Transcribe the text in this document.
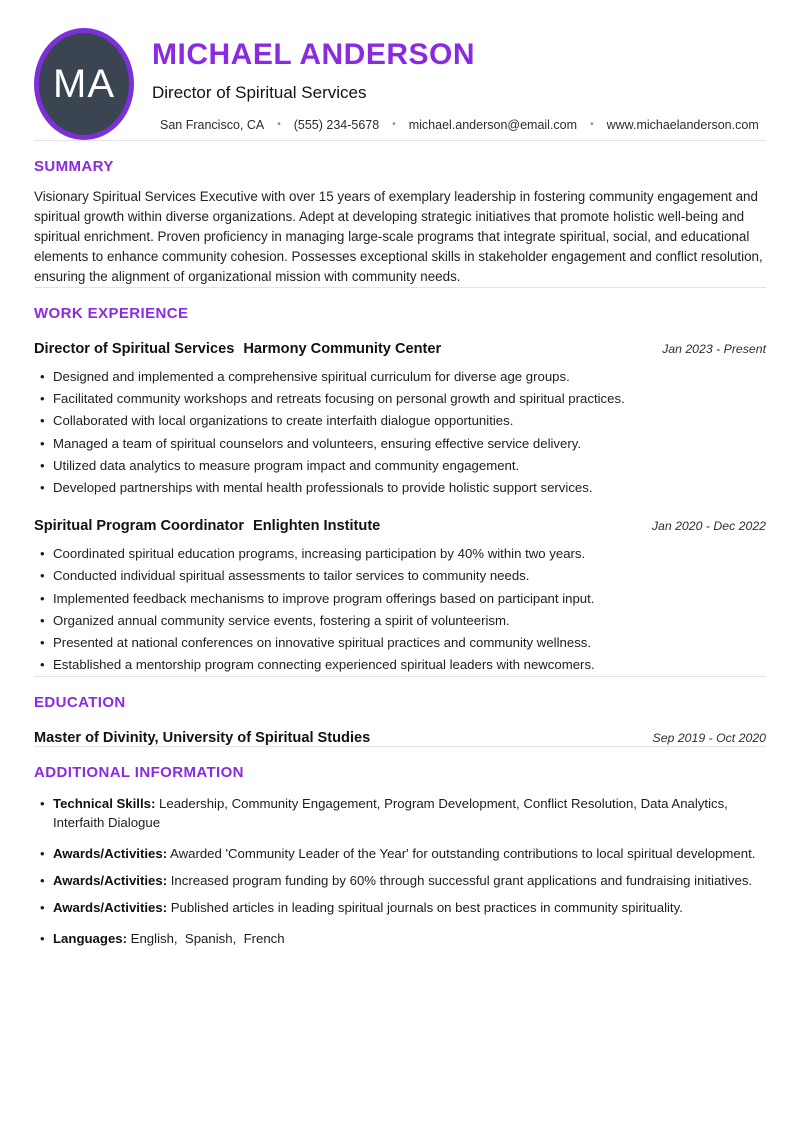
MA
MICHAEL ANDERSON
Director of Spiritual Services
San Francisco, CA • (555) 234-5678 • michael.anderson@email.com • www.michaelanderson.com
SUMMARY
Visionary Spiritual Services Executive with over 15 years of exemplary leadership in fostering community engagement and spiritual growth within diverse organizations. Adept at developing strategic initiatives that promote holistic well-being and spiritual enrichment. Proven proficiency in managing large-scale programs that integrate spiritual, social, and educational elements to enhance community cohesion. Possesses exceptional skills in stakeholder engagement and conflict resolution, ensuring the alignment of organizational mission with community needs.
WORK EXPERIENCE
Director of Spiritual Services Harmony Community Center	Jan 2023 - Present
• Designed and implemented a comprehensive spiritual curriculum for diverse age groups.
• Facilitated community workshops and retreats focusing on personal growth and spiritual practices.
• Collaborated with local organizations to create interfaith dialogue opportunities.
• Managed a team of spiritual counselors and volunteers, ensuring effective service delivery.
• Utilized data analytics to measure program impact and community engagement.
• Developed partnerships with mental health professionals to provide holistic support services.
Spiritual Program Coordinator Enlighten Institute	Jan 2020 - Dec 2022
• Coordinated spiritual education programs, increasing participation by 40% within two years.
• Conducted individual spiritual assessments to tailor services to community needs.
• Implemented feedback mechanisms to improve program offerings based on participant input.
• Organized annual community service events, fostering a spirit of volunteerism.
• Presented at national conferences on innovative spiritual practices and community wellness.
• Established a mentorship program connecting experienced spiritual leaders with newcomers.
EDUCATION
Master of Divinity, University of Spiritual Studies	Sep 2019 - Oct 2020
ADDITIONAL INFORMATION
• Technical Skills: Leadership, Community Engagement, Program Development, Conflict Resolution, Data Analytics, Interfaith Dialogue
• Awards/Activities: Awarded 'Community Leader of the Year' for outstanding contributions to local spiritual development.
• Awards/Activities: Increased program funding by 60% through successful grant applications and fundraising initiatives.
• Awards/Activities: Published articles in leading spiritual journals on best practices in community spirituality.
• Languages: English,  Spanish,  French
